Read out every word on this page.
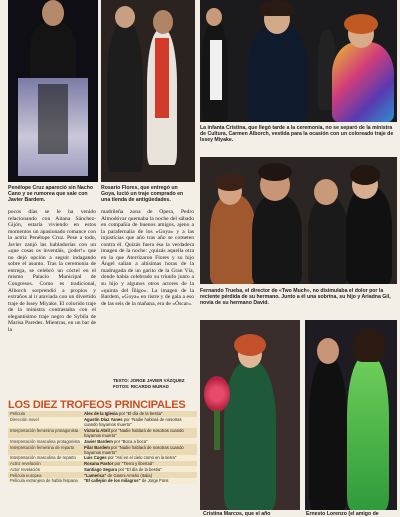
La infanta Cristina, que llegó tarde a la ceremonia, no se separó de la ministra de Cultura, Carmen Alborch, vestida para la ocasión con un coloreado traje de Issey Miyake.
Penélope Cruz apareció sin Nacho Cano y se rumorea que sale con Javier Bardem.
Rosario Flores, que entregó un Goya, lució un traje comprado en una tienda de antigüedades.
pocos días se le ha venido relacionando con Aitana Sánchez-Gijón, estaría viviendo en estos momentos un apasionado romance con la actriz Penélope Cruz. Pese a todo, Javier zanjó las habladurías con un «que cosas os inventáis, ¡joder!» que no dejó opción a seguir indagando sobre el asunto. Tras la ceremonia de entrega, se celebró un cóctel en el mismo Palacio Municipal de Congresos. Como es tradicional, Alborch sorprendió a propios y extraños al ir ataviada con un divertido traje de Issey Miyake. El colorido traje de la ministra contrastaba con el elegantísimo traje negro de Sybila de Marisa Paredes. Mientras, en un bar de la
madrileña zona de Ópera, Pedro Almodóvar quemaba la noche del sábado en compañía de buenos amigos, ajeno a la parafernalia de los «Goya» y a las injusticias que año tras año se cometen contra él. Quizás fuera ésa la verdadera imagen de la noche: ¿quizás aquella otra en la que Aterrizaron Flores y su hijo Ángel salían a altísimas horas de la madrugada de un garito de la Gran Vía, donde había celebrado su triunfo junto a su hijo y algunos otros actores de la «quinta del Íñigo». La imagen de la Bardem, «Goya» en ristre y de gala a eso de las seis de la mañana, era de «Óscar».
TEXTO: JORGE JAVIER VÁZQUEZ
FOTOS: RICARDO MURAD
Fernando Trueba, el director de «Two Much», no disimulaba el dolor por la reciente pérdida de su hermano. Junto a él una sobrina, su hijo y Ariadna Gil, novia de su hermano David.
Cristina Marcos, que el año	Ernesto Lorenzo (el amigo de
LOS DIEZ TROFEOS PRINCIPALES
Película	Alex de la Iglesia por "El día de la bestia"
Dirección novel	Agustín Díaz Yanes por "Nadie hablará de nosotras cuando hayamos muerto"
Interpretación femenina protagonista	Victoria Abril por "Nadie hablará de nosotras cuando hayamos muerto"
Interpretación masculina protagonista	Javier Bardem por "Boca a boca"
Interpretación femenina de reparto	Pilar Bardem por "Nadie hablará de nosotras cuando hayamos muerto"
Interpretación masculina de reparto	Luis Cuges por "Así en el cielo como en la tierra"
Actriz revelación	Rosana Pastor por "Tierra y libertad"
Actor revelación	Santiago Segura por "El día de la bestia"
Película europea	"Lamerica" de Gianni Amelio (Italia)
Película extranjera de habla hispana	"El callejón de los milagros" de Jorge Fons
